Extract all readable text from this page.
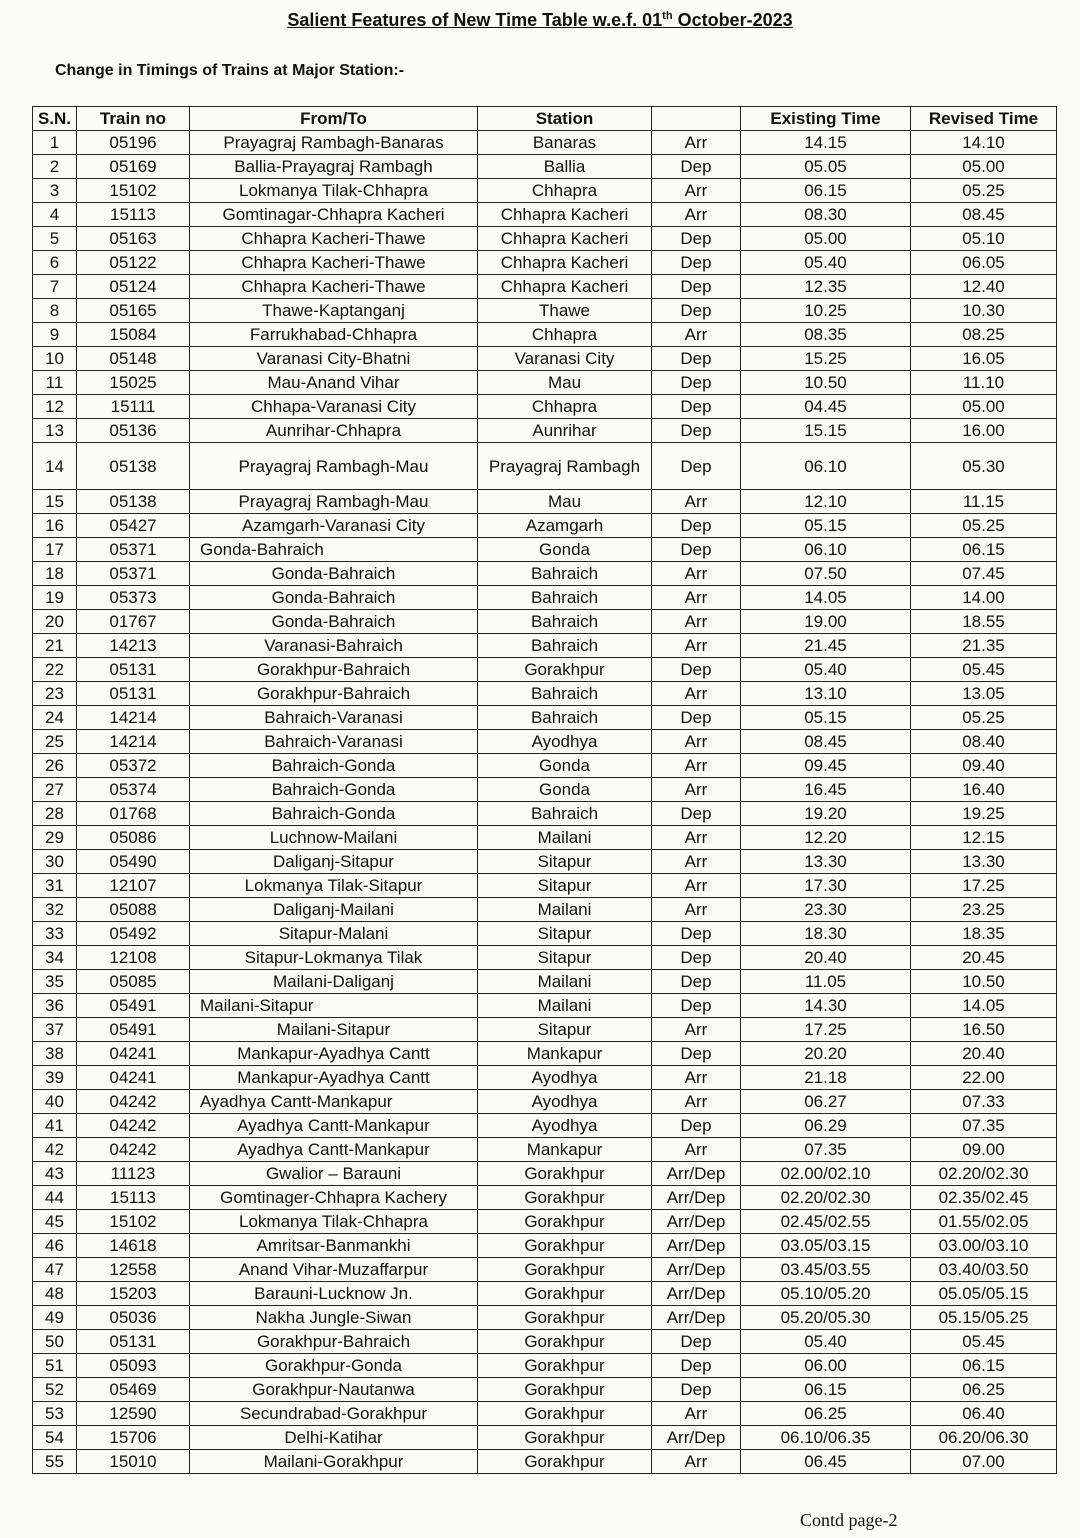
Salient Features of New Time Table w.e.f. 01th October-2023
Change in Timings of Trains at Major Station:-
S.N.	Train no	From/To	Station		Existing Time	Revised Time
1	05196	Prayagraj Rambagh-Banaras	Banaras	Arr	14.15	14.10
2	05169	Ballia-Prayagraj Rambagh	Ballia	Dep	05.05	05.00
3	15102	Lokmanya Tilak-Chhapra	Chhapra	Arr	06.15	05.25
4	15113	Gomtinagar-Chhapra Kacheri	Chhapra Kacheri	Arr	08.30	08.45
5	05163	Chhapra Kacheri-Thawe	Chhapra Kacheri	Dep	05.00	05.10
6	05122	Chhapra Kacheri-Thawe	Chhapra Kacheri	Dep	05.40	06.05
7	05124	Chhapra Kacheri-Thawe	Chhapra Kacheri	Dep	12.35	12.40
8	05165	Thawe-Kaptanganj	Thawe	Dep	10.25	10.30
9	15084	Farrukhabad-Chhapra	Chhapra	Arr	08.35	08.25
10	05148	Varanasi City-Bhatni	Varanasi City	Dep	15.25	16.05
11	15025	Mau-Anand Vihar	Mau	Dep	10.50	11.10
12	15111	Chhapa-Varanasi City	Chhapra	Dep	04.45	05.00
13	05136	Aunrihar-Chhapra	Aunrihar	Dep	15.15	16.00
14	05138	Prayagraj Rambagh-Mau	Prayagraj Rambagh	Dep	06.10	05.30
15	05138	Prayagraj Rambagh-Mau	Mau	Arr	12.10	11.15
16	05427	Azamgarh-Varanasi City	Azamgarh	Dep	05.15	05.25
17	05371	Gonda-Bahraich	Gonda	Dep	06.10	06.15
18	05371	Gonda-Bahraich	Bahraich	Arr	07.50	07.45
19	05373	Gonda-Bahraich	Bahraich	Arr	14.05	14.00
20	01767	Gonda-Bahraich	Bahraich	Arr	19.00	18.55
21	14213	Varanasi-Bahraich	Bahraich	Arr	21.45	21.35
22	05131	Gorakhpur-Bahraich	Gorakhpur	Dep	05.40	05.45
23	05131	Gorakhpur-Bahraich	Bahraich	Arr	13.10	13.05
24	14214	Bahraich-Varanasi	Bahraich	Dep	05.15	05.25
25	14214	Bahraich-Varanasi	Ayodhya	Arr	08.45	08.40
26	05372	Bahraich-Gonda	Gonda	Arr	09.45	09.40
27	05374	Bahraich-Gonda	Gonda	Arr	16.45	16.40
28	01768	Bahraich-Gonda	Bahraich	Dep	19.20	19.25
29	05086	Luchnow-Mailani	Mailani	Arr	12.20	12.15
30	05490	Daliganj-Sitapur	Sitapur	Arr	13.30	13.30
31	12107	Lokmanya Tilak-Sitapur	Sitapur	Arr	17.30	17.25
32	05088	Daliganj-Mailani	Mailani	Arr	23.30	23.25
33	05492	Sitapur-Malani	Sitapur	Dep	18.30	18.35
34	12108	Sitapur-Lokmanya Tilak	Sitapur	Dep	20.40	20.45
35	05085	Mailani-Daliganj	Mailani	Dep	11.05	10.50
36	05491	Mailani-Sitapur	Mailani	Dep	14.30	14.05
37	05491	Mailani-Sitapur	Sitapur	Arr	17.25	16.50
38	04241	Mankapur-Ayadhya Cantt	Mankapur	Dep	20.20	20.40
39	04241	Mankapur-Ayadhya Cantt	Ayodhya	Arr	21.18	22.00
40	04242	Ayadhya Cantt-Mankapur	Ayodhya	Arr	06.27	07.33
41	04242	Ayadhya Cantt-Mankapur	Ayodhya	Dep	06.29	07.35
42	04242	Ayadhya Cantt-Mankapur	Mankapur	Arr	07.35	09.00
43	11123	Gwalior – Barauni	Gorakhpur	Arr/Dep	02.00/02.10	02.20/02.30
44	15113	Gomtinager-Chhapra Kachery	Gorakhpur	Arr/Dep	02.20/02.30	02.35/02.45
45	15102	Lokmanya Tilak-Chhapra	Gorakhpur	Arr/Dep	02.45/02.55	01.55/02.05
46	14618	Amritsar-Banmankhi	Gorakhpur	Arr/Dep	03.05/03.15	03.00/03.10
47	12558	Anand Vihar-Muzaffarpur	Gorakhpur	Arr/Dep	03.45/03.55	03.40/03.50
48	15203	Barauni-Lucknow Jn.	Gorakhpur	Arr/Dep	05.10/05.20	05.05/05.15
49	05036	Nakha Jungle-Siwan	Gorakhpur	Arr/Dep	05.20/05.30	05.15/05.25
50	05131	Gorakhpur-Bahraich	Gorakhpur	Dep	05.40	05.45
51	05093	Gorakhpur-Gonda	Gorakhpur	Dep	06.00	06.15
52	05469	Gorakhpur-Nautanwa	Gorakhpur	Dep	06.15	06.25
53	12590	Secundrabad-Gorakhpur	Gorakhpur	Arr	06.25	06.40
54	15706	Delhi-Katihar	Gorakhpur	Arr/Dep	06.10/06.35	06.20/06.30
55	15010	Mailani-Gorakhpur	Gorakhpur	Arr	06.45	07.00
Contd page-2
